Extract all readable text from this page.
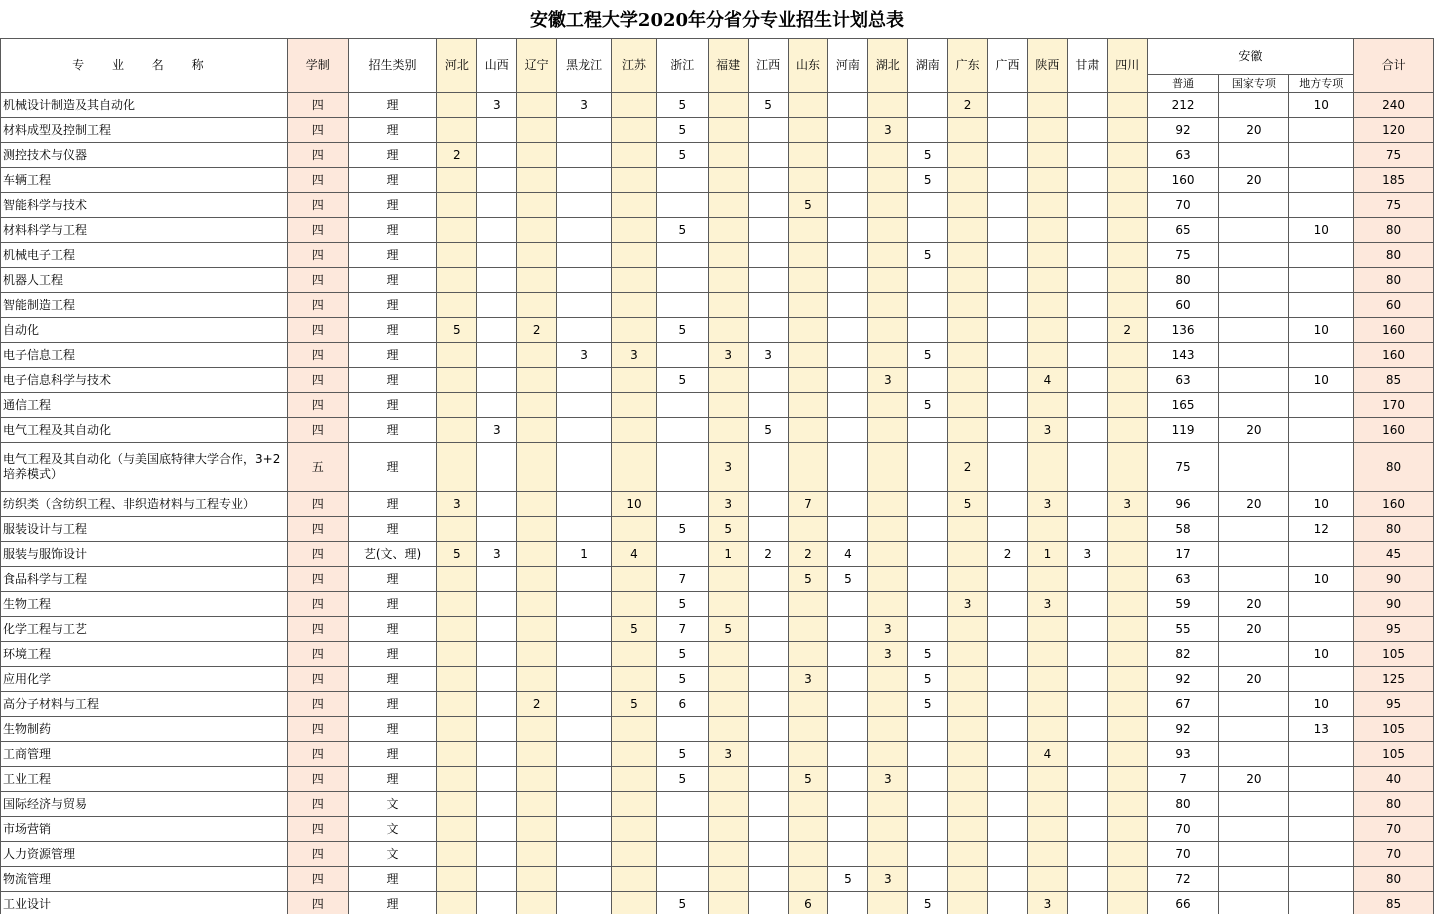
安徽工程大学2020年分省分专业招生计划总表
专 业 名 称	学制	招生类别	河北	山西	辽宁	黑龙江	江苏	浙江	福建	江西	山东	河南	湖北	湖南	广东	广西	陕西	甘肃	四川	安徽			合计
																				普通	国家专项	地方专项	
机械设计制造及其自动化	四	理		3		3		5		5					2					212		10	240
材料成型及控制工程	四	理						5					3							92	20		120
测控技术与仪器	四	理	2					5						5						63			75
车辆工程	四	理												5						160	20		185
智能科学与技术	四	理									5									70			75
材料科学与工程	四	理						5												65		10	80
机械电子工程	四	理												5						75			80
机器人工程	四	理																		80			80
智能制造工程	四	理																		60			60
自动化	四	理	5		2			5											2	136		10	160
电子信息工程	四	理				3	3		3	3				5						143			160
电子信息科学与技术	四	理						5					3				4			63		10	85
通信工程	四	理												5						165			170
电气工程及其自动化	四	理		3						5							3			119	20		160
电气工程及其自动化（与美国底特律大学合作，3+2培养模式）	五	理							3						2					75			80
纺织类（含纺织工程、非织造材料与工程专业）	四	理	3				10		3		7				5		3		3	96	20	10	160
服装设计与工程	四	理						5	5											58		12	80
服装与服饰设计	四	艺(文、理)	5	3		1	4		1	2	2	4				2	1	3		17			45
食品科学与工程	四	理						7			5	5								63		10	90
生物工程	四	理						5							3		3			59	20		90
化学工程与工艺	四	理					5	7	5				3							55	20		95
环境工程	四	理						5					3	5						82		10	105
应用化学	四	理						5			3			5						92	20		125
高分子材料与工程	四	理			2		5	6						5						67		10	95
生物制药	四	理																		92		13	105
工商管理	四	理						5	3								4			93			105
工业工程	四	理						5			5		3							7	20		40
国际经济与贸易	四	文																		80			80
市场营销	四	文																		70			70
人力资源管理	四	文																		70			70
物流管理	四	理										5	3							72			80
工业设计	四	理						5			6			5			3			66			85
